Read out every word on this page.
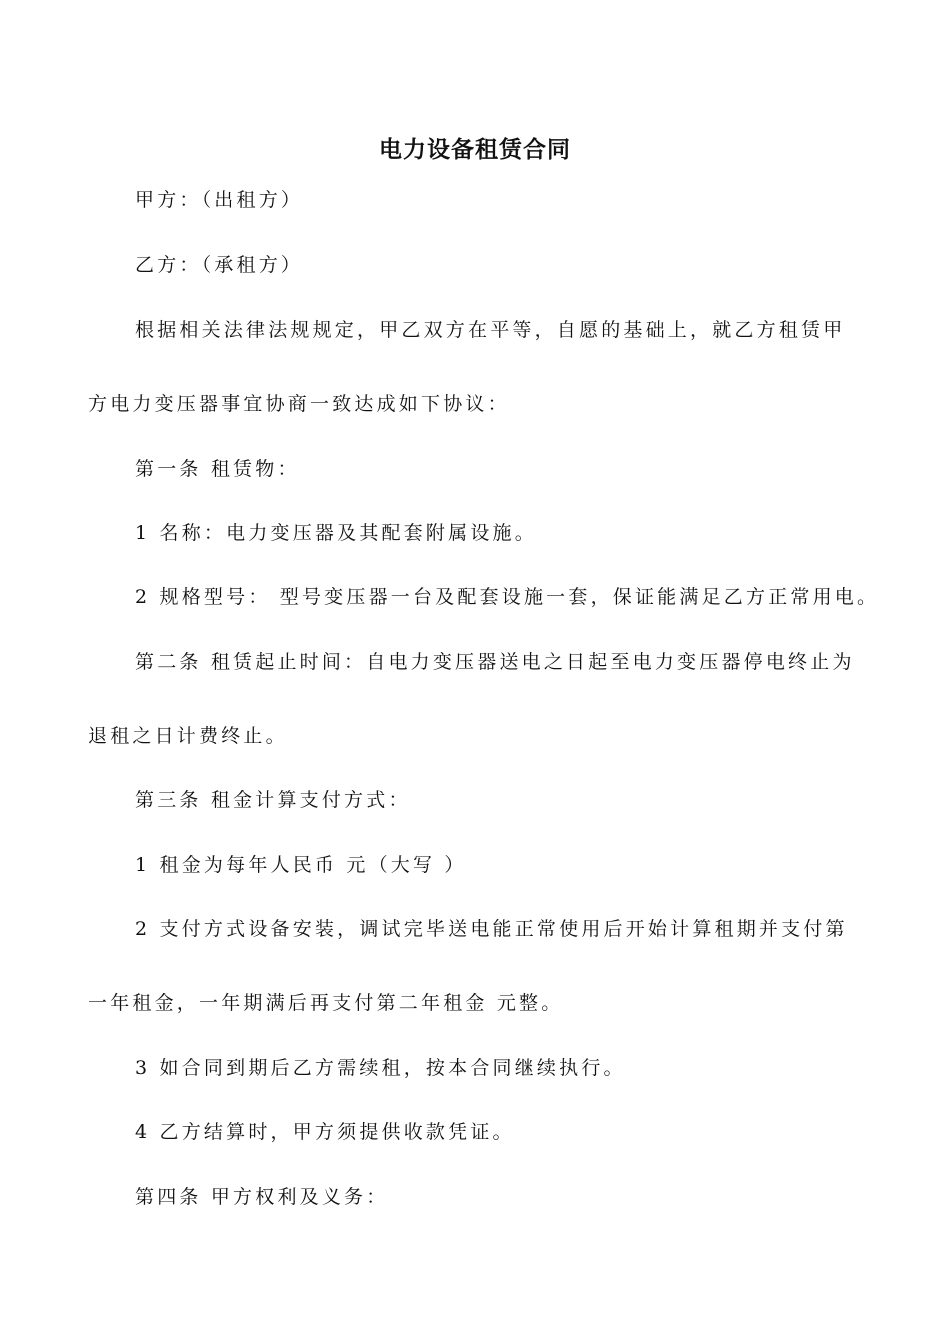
电力设备租赁合同
甲方：（出租方）
乙方：（承租方）
根据相关法律法规规定，甲乙双方在平等，自愿的基础上，就乙方租赁甲
方电力变压器事宜协商一致达成如下协议：
第一条 租赁物：
1 名称：电力变压器及其配套附属设施。
2 规格型号： 型号变压器一台及配套设施一套，保证能满足乙方正常用电。
第二条 租赁起止时间：自电力变压器送电之日起至电力变压器停电终止为
退租之日计费终止。
第三条 租金计算支付方式：
1 租金为每年人民币 元（大写 ）
2 支付方式设备安装，调试完毕送电能正常使用后开始计算租期并支付第
一年租金，一年期满后再支付第二年租金 元整。
3 如合同到期后乙方需续租，按本合同继续执行。
4 乙方结算时，甲方须提供收款凭证。
第四条 甲方权利及义务：
